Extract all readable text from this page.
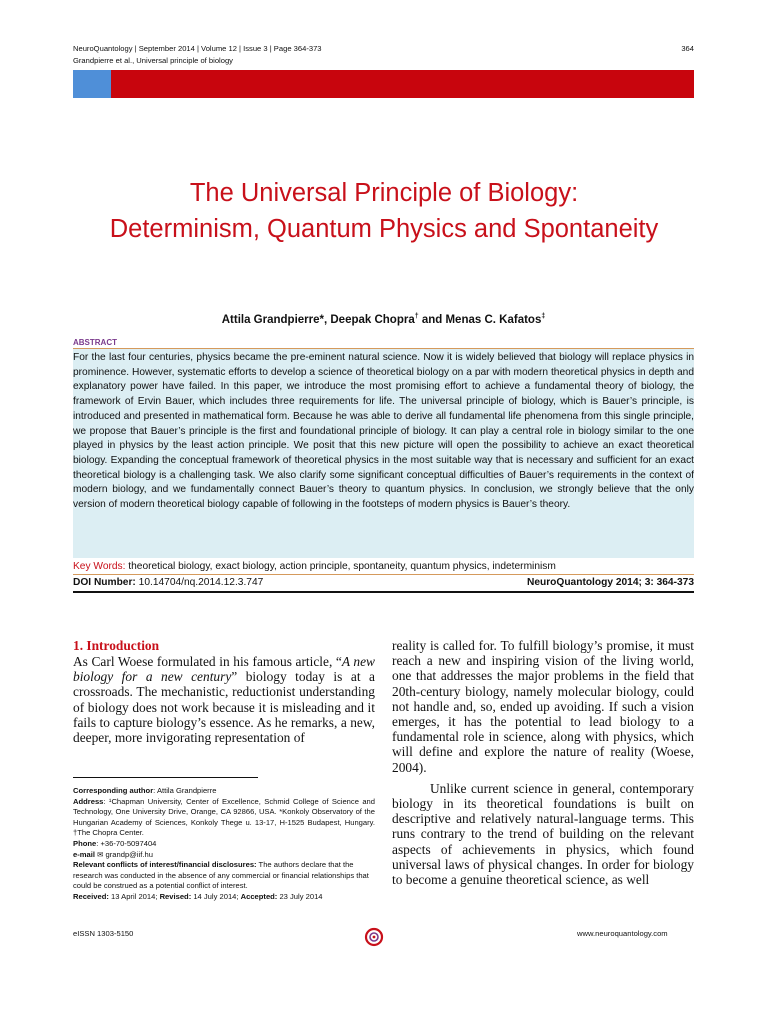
NeuroQuantology | September 2014 | Volume 12 | Issue 3 | Page 364-373
Grandpierre et al., Universal principle of biology
364
The Universal Principle of Biology:
Determinism, Quantum Physics and Spontaneity
Attila Grandpierre*, Deepak Chopra† and Menas C. Kafatos‡
ABSTRACT
For the last four centuries, physics became the pre-eminent natural science. Now it is widely believed that biology will replace physics in prominence. However, systematic efforts to develop a science of theoretical biology on a par with modern theoretical physics in depth and explanatory power have failed. In this paper, we introduce the most promising effort to achieve a fundamental theory of biology, the framework of Ervin Bauer, which includes three requirements for life. The universal principle of biology, which is Bauer’s principle, is introduced and presented in mathematical form. Because he was able to derive all fundamental life phenomena from this single principle, we propose that Bauer’s principle is the first and foundational principle of biology. It can play a central role in biology similar to the one played in physics by the least action principle. We posit that this new picture will open the possibility to achieve an exact theoretical biology. Expanding the conceptual framework of theoretical physics in the most suitable way that is necessary and sufficient for an exact theoretical biology is a challenging task. We also clarify some significant conceptual difficulties of Bauer’s requirements in the context of modern biology, and we fundamentally connect Bauer’s theory to quantum physics. In conclusion, we strongly believe that the only version of modern theoretical biology capable of following in the footsteps of modern physics is Bauer’s theory.
Key Words: theoretical biology, exact biology, action principle, spontaneity, quantum physics, indeterminism
DOI Number: 10.14704/nq.2014.12.3.747	NeuroQuantology 2014; 3: 364-373
1. Introduction
As Carl Woese formulated in his famous article, “A new biology for a new century” biology today is at a crossroads. The mechanistic, reductionist understanding of biology does not work because it is misleading and it fails to capture biology’s essence. As he remarks, a new, deeper, more invigorating representation of
reality is called for. To fulfill biology’s promise, it must reach a new and inspiring vision of the living world, one that addresses the major problems in the field that 20th-century biology, namely molecular biology, could not handle and, so, ended up avoiding. If such a vision emerges, it has the potential to lead biology to a fundamental role in science, along with physics, which will define and explore the nature of reality (Woese, 2004).
Unlike current science in general, contemporary biology in its theoretical foundations is built on descriptive and relatively natural-language terms. This runs contrary to the trend of building on the relevant aspects of achievements in physics, which found universal laws of physical changes. In order for biology to become a genuine theoretical science, as well

Corresponding author: Attila Grandpierre

Address: ¹Chapman University, Center of Excellence, Schmid College of Science and Technology, One University Drive, Orange, CA 92866, USA. *Konkoly Observatory of the Hungarian Academy of Sciences, Konkoly Thege u. 13-17, H-1525 Budapest, Hungary. †The Chopra Center.

Phone: +36-70-5097404

e-mail ✉ grandp@iif.hu

Relevant conflicts of interest/financial disclosures: The authors declare that the research was conducted in the absence of any commercial or financial relationships that could be construed as a potential conflict of interest.

Received: 13 April 2014; Revised: 14 July 2014; Accepted: 23 July 2014

eISSN 1303-5150	www.neuroquantology.com
